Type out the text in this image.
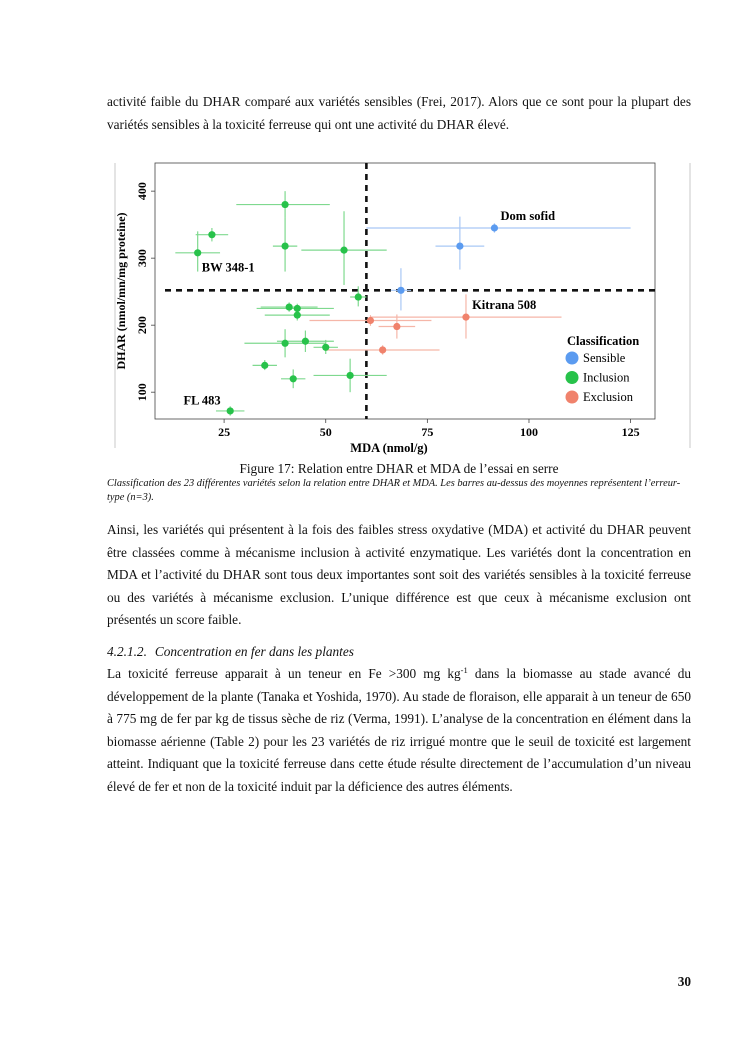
activité faible du DHAR comparé aux variétés sensibles (Frei, 2017). Alors que ce sont pour la plupart des variétés sensibles à la toxicité ferreuse qui ont une activité du DHAR élevé.

25	50	75	100	125
100
200
300
400
Dom sofid
BW 348-1
Kitrana 508
FL 483
Classification
Sensible
Inclusion
Exclusion
MDA (nmol/g)
DHAR (nmol/mn/mg proteine)

Figure 17: Relation entre DHAR et MDA de l’essai en serre

Classification des 23 différentes variétés selon la relation entre DHAR et MDA. Les barres au-dessus des moyennes représentent l’erreur-type (n=3).

Ainsi, les variétés qui présentent à la fois des faibles stress oxydative (MDA) et activité du DHAR peuvent être classées comme à mécanisme inclusion à activité enzymatique. Les variétés dont la concentration en MDA et l’activité du DHAR sont tous deux importantes sont soit des variétés sensibles à la toxicité ferreuse ou des variétés à mécanisme exclusion. L’unique différence est que ceux à mécanisme exclusion ont présentés un score faible.

4.2.1.2. Concentration en fer dans les plantes

La toxicité ferreuse apparait à un teneur en Fe >300 mg $kg^{-1}$ dans la biomasse au stade avancé du développement de la plante (Tanaka et Yoshida, 1970). Au stade de floraison, elle apparait à un teneur de 650 à 775 mg de fer par kg de tissus sèche de riz (Verma, 1991). L’analyse de la concentration en élément dans la biomasse aérienne (Table 2) pour les 23 variétés de riz irrigué montre que le seuil de toxicité est largement atteint. Indiquant que la toxicité ferreuse dans cette étude résulte directement de l’accumulation d’un niveau élevé de fer et non de la toxicité induit par la déficience des autres éléments.

30
